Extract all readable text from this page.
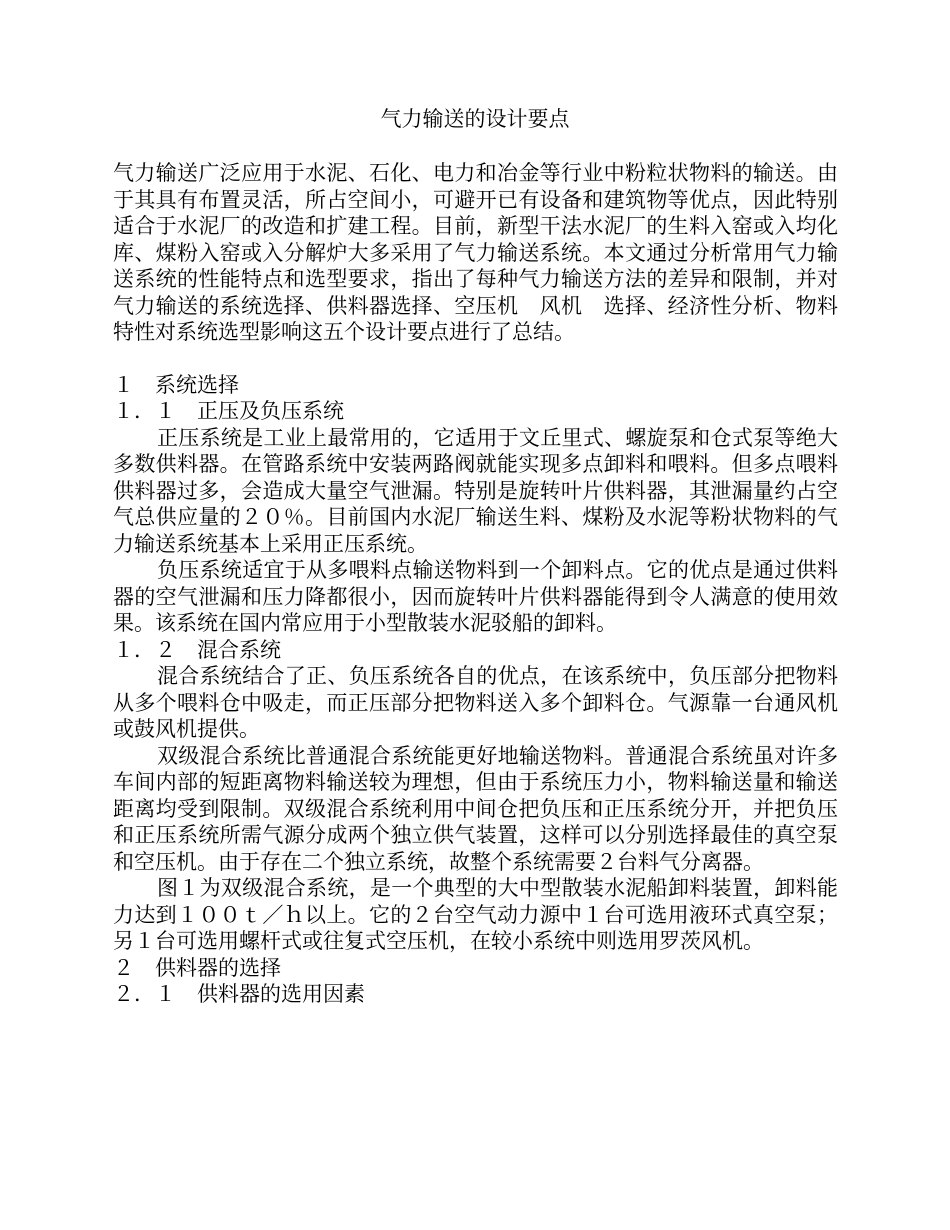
气力输送的设计要点

气力输送广泛应用于水泥、石化、电力和冶金等行业中粉粒状物料的输送。由于其具有布置灵活，所占空间小，可避开已有设备和建筑物等优点，因此特别适合于水泥厂的改造和扩建工程。目前，新型干法水泥厂的生料入窑或入均化库、煤粉入窑或入分解炉大多采用了气力输送系统。本文通过分析常用气力输送系统的性能特点和选型要求，指出了每种气力输送方法的差异和限制，并对气力输送的系统选择、供料器选择、空压机　风机　选择、经济性分析、物料特性对系统选型影响这五个设计要点进行了总结。

１　系统选择

１．１　正压及负压系统

正压系统是工业上最常用的，它适用于文丘里式、螺旋泵和仓式泵等绝大多数供料器。在管路系统中安装两路阀就能实现多点卸料和喂料。但多点喂料供料器过多，会造成大量空气泄漏。特别是旋转叶片供料器，其泄漏量约占空气总供应量的２０％。目前国内水泥厂输送生料、煤粉及水泥等粉状物料的气力输送系统基本上采用正压系统。

负压系统适宜于从多喂料点输送物料到一个卸料点。它的优点是通过供料器的空气泄漏和压力降都很小，因而旋转叶片供料器能得到令人满意的使用效果。该系统在国内常应用于小型散装水泥驳船的卸料。

１．２　混合系统

混合系统结合了正、负压系统各自的优点，在该系统中，负压部分把物料从多个喂料仓中吸走，而正压部分把物料送入多个卸料仓。气源靠一台通风机或鼓风机提供。

双级混合系统比普通混合系统能更好地输送物料。普通混合系统虽对许多车间内部的短距离物料输送较为理想，但由于系统压力小，物料输送量和输送距离均受到限制。双级混合系统利用中间仓把负压和正压系统分开，并把负压和正压系统所需气源分成两个独立供气装置，这样可以分别选择最佳的真空泵和空压机。由于存在二个独立系统，故整个系统需要２台料气分离器。

图１为双级混合系统，是一个典型的大中型散装水泥船卸料装置，卸料能力达到１００ｔ／ｈ以上。它的２台空气动力源中１台可选用液环式真空泵；另１台可选用螺杆式或往复式空压机，在较小系统中则选用罗茨风机。

２　供料器的选择

２．１　供料器的选用因素
